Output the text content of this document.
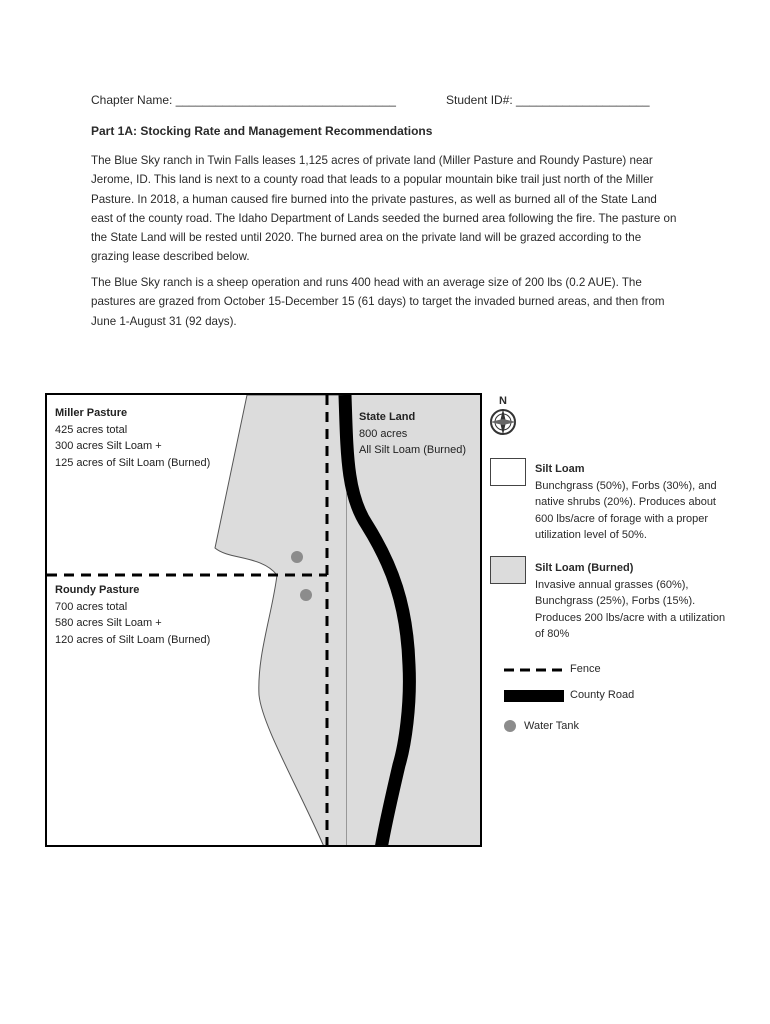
Chapter Name: _________________________________	Student ID#: ____________________
Part 1A: Stocking Rate and Management Recommendations

The Blue Sky ranch in Twin Falls leases 1,125 acres of private land (Miller Pasture and Roundy Pasture) near Jerome, ID. This land is next to a county road that leads to a popular mountain bike trail just north of the Miller Pasture. In 2018, a human caused fire burned into the private pastures, as well as burned all of the State Land east of the county road. The Idaho Department of Lands seeded the burned area following the fire. The pasture on the State Land will be rested until 2020. The burned area on the private land will be grazed according to the grazing lease described below.

The Blue Sky ranch is a sheep operation and runs 400 head with an average size of 200 lbs (0.2 AUE). The pastures are grazed from October 15-December 15 (61 days) to target the invaded burned areas, and then from June 1-August 31 (92 days).

Miller Pasture
425 acres total
300 acres Silt Loam +
125 acres of Silt Loam (Burned)
Roundy Pasture
700 acres total
580 acres Silt Loam +
120 acres of Silt Loam (Burned)
State Land
800 acres
All Silt Loam (Burned)
N
Silt Loam
Bunchgrass (50%), Forbs (30%), and native shrubs (20%). Produces about 600 lbs/acre of forage with a proper utilization level of 50%.
Silt Loam (Burned)
Invasive annual grasses (60%), Bunchgrass (25%), Forbs (15%). Produces 200 lbs/acre with a utilization of 80%
Fence
County Road
Water Tank
